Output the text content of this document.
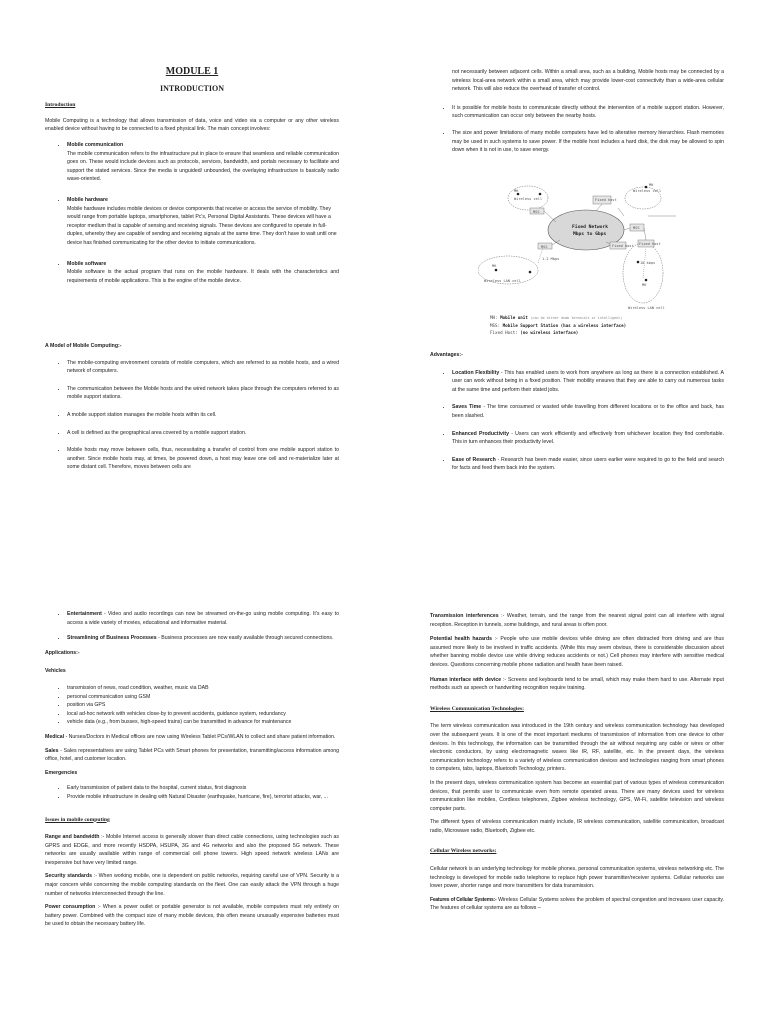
MODULE 1
INTRODUCTION
Introduction

Mobile Computing is a technology that allows transmission of data, voice and video via a computer or any other wireless enabled device without having to be connected to a fixed physical link. The main concept involves:

• Mobile communication
The mobile communication refers to the infrastructure put in place to ensure that seamless and reliable communication goes on. These would include devices such as protocols, services, bandwidth, and portals necessary to facilitate and support the stated services. Since the media is unguided/ unbounded, the overlaying infrastructure is basically radio wave-oriented.
• Mobile hardware
Mobile hardware includes mobile devices or device components that receive or access the service of mobility. They would range from portable laptops, smartphones, tablet Pc's, Personal Digital Assistants. These devices will have a receptor medium that is capable of sensing and receiving signals. These devices are configured to operate in full- duplex, whereby they are capable of sending and receiving signals at the same time. They don't have to wait until one device has finished communicating for the other device to initiate communications.
• Mobile software
Mobile software is the actual program that runs on the mobile hardware. It deals with the characteristics and requirements of mobile applications. This is the engine of the mobile device.
A Model of Mobile Computing:-
• The mobile-computing environment consists of mobile computers, which are referred to as mobile hosts, and a wired network of computers.
• The communication between the Mobile hosts and the wired network takes place through the computers referred to as mobile support stations.
• A mobile support station manages the mobile hosts within its cell.
• A cell is defined as the geographical area covered by a mobile support station.
• Mobile hosts may move between cells, thus, necessitating a transfer of control from one mobile support station to another. Since mobile hosts may, at times, be powered down, a host may leave one cell and re-materialize later at some distant cell. Therefore, moves between cells are

not necessarily between adjacent cells. Within a small area, such as a building, Mobile hosts may be connected by a wireless local-area network within a small area, which may provide lower-cost connectivity than a wide-area cellular network. This will also reduce the overhead of transfer of control.

• It is possible for mobile hosts to communicate directly without the intervention of a mobile support station. However, such communication can occur only between the nearby hosts.
• The size and power limitations of many mobile computers have led to alterative memory hierarchies. Flash memories may be used in such systems to save power. If the mobile host includes a hard disk, the disk may be allowed to spin down when it is not in use, to save energy.
Fixed Network
Mbps to Gbps
Wireless cell
Wireless cell
MH
MH
MH
MH
MSS
MSS
MSS
Fixed host
Fixed host Fixed host
1-2 Mbps
10 kbps
Wireless LAN cell
Wireless LAN cell
MH: Mobile unit (can be either dumb terminals or intelligent)
MSS: Mobile Support Station (has a wireless interface)
Fixed Host: (no wireless interface)
Advantages:-
• Location Flexibility - This has enabled users to work from anywhere as long as there is a connection established. A user can work without being in a fixed position. Their mobility ensures that they are able to carry out numerous tasks at the same time and perform their stated jobs.
• Saves Time - The time consumed or wasted while travelling from different locations or to the office and back, has been slashed.
• Enhanced Productivity - Users can work efficiently and effectively from whichever location they find comfortable. This in turn enhances their productivity level.
• Ease of Research - Research has been made easier, since users earlier were required to go to the field and search for facts and feed them back into the system.
• Entertainment - Video and audio recordings can now be streamed on-the-go using mobile computing. It's easy to access a wide variety of movies, educational and informative material.
• Streamlining of Business Processes - Business processes are now easily available through secured connections.
Applications:-
Vehicles
• transmission of news, road condition, weather, music via DAB
• personal communication using GSM
• position via GPS
• local ad-hoc network with vehicles close-by to prevent accidents, guidance system, redundancy
• vehicle data (e.g., from busses, high-speed trains) can be transmitted in advance for maintenance

Medical - Nurses/Doctors in Medical offices are now using Wireless Tablet PCs/WLAN to collect and share patient information.

Sales - Sales representatives are using Tablet PCs with Smart phones for presentation, transmitting/access information among office, hotel, and customer location.

Emergencies
• Early transmission of patient data to the hospital, current status, first diagnosis
• Provide mobile infrastructure in dealing with Natural Disaster (earthquake, hurricane, fire), terrorist attacks, war, ...
Issues in mobile computing

Range and bandwidth :- Mobile Internet access is generally slower than direct cable connections, using technologies such as GPRS and EDGE, and more recently HSDPA, HSUPA, 3G and 4G networks and also the proposed 5G network. These networks are usually available within range of commercial cell phone towers. High speed network wireless LANs are inexpensive but have very limited range.

Security standards :- When working mobile, one is dependent on public networks, requiring careful use of VPN. Security is a major concern while concerning the mobile computing standards on the fleet. One can easily attack the VPN through a huge number of networks interconnected through the line.

Power consumption :- When a power outlet or portable generator is not available, mobile computers must rely entirely on battery power. Combined with the compact size of many mobile devices, this often means unusually expensive batteries must be used to obtain the necessary battery life.

Transmission interferences :- Weather, terrain, and the range from the nearest signal point can all interfere with signal reception. Reception in tunnels, some buildings, and rural areas is often poor.

Potential health hazards :- People who use mobile devices while driving are often distracted from driving and are thus assumed more likely to be involved in traffic accidents. (While this may seem obvious, there is considerable discussion about whether banning mobile device use while driving reduces accidents or not.) Cell phones may interfere with sensitive medical devices. Questions concerning mobile phone radiation and health have been raised.

Human interface with device :- Screens and keyboards tend to be small, which may make them hard to use. Alternate input methods such as speech or handwriting recognition require training.

Wireless Communication Technologies:

The term wireless communication was introduced in the 19th century and wireless communication technology has developed over the subsequent years. It is one of the most important mediums of transmission of information from one device to other devices. In this technology, the information can be transmitted through the air without requiring any cable or wires or other electronic conductors, by using electromagnetic waves like IR, RF, satellite, etc. In the present days, the wireless communication technology refers to a variety of wireless communication devices and technologies ranging from smart phones to computers, tabs, laptops, Bluetooth Technology, printers.

In the present days, wireless communication system has become an essential part of various types of wireless communication devices, that permits user to communicate even from remote operated areas. There are many devices used for wireless communication like mobiles, Cordless telephones, Zigbee wireless technology, GPS, Wi-Fi, satellite television and wireless computer parts.

The different types of wireless communication mainly include, IR wireless communication, satellite communication, broadcast radio, Microwave radio, Bluetooth, Zigbee etc.

Cellular Wireless networks:

Cellular network is an underlying technology for mobile phones, personal communication systems, wireless networking etc. The technology is developed for mobile radio telephone to replace high power transmitter/receiver systems. Cellular networks use lower power, shorter range and more transmitters for data transmission.

Features of Cellular Systems:- Wireless Cellular Systems solves the problem of spectral congestion and increases user capacity. The features of cellular systems are as follows –
